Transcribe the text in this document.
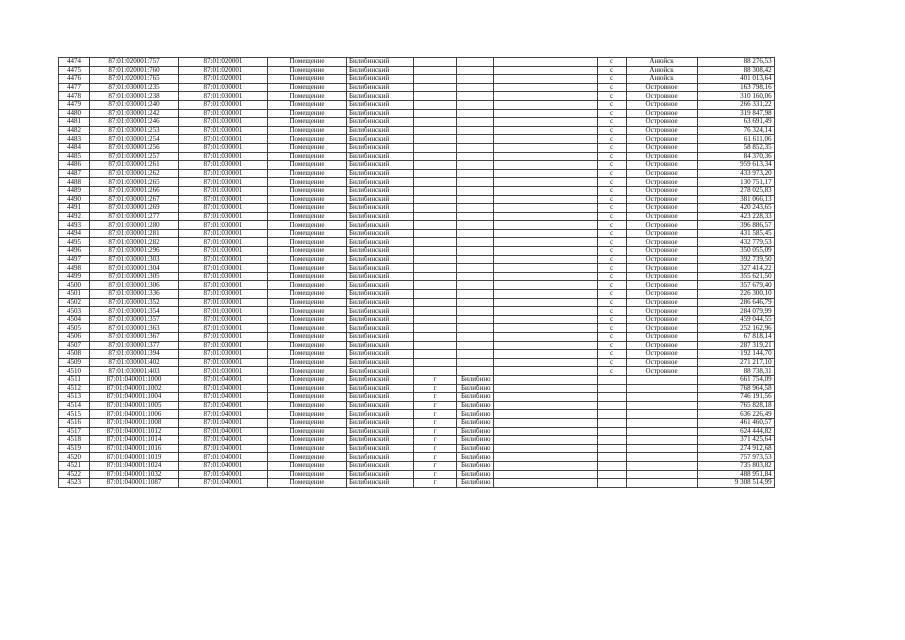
4474	87:01:020001:757	87:01:020001	Помещение	Билибинский				с	Анюйск	88 276,53
4475	87:01:020001:760	87:01:020001	Помещение	Билибинский				с	Анюйск	88 308,42
4476	87:01:020001:765	87:01:020001	Помещение	Билибинский				с	Анюйск	401 013,64
4477	87:01:030001:235	87:01:030001	Помещение	Билибинский				с	Островное	163 798,16
4478	87:01:030001:238	87:01:030001	Помещение	Билибинский				с	Островное	310 160,06
4479	87:01:030001:240	87:01:030001	Помещение	Билибинский				с	Островное	266 331,22
4480	87:01:030001:242	87:01:030001	Помещение	Билибинский				с	Островное	319 847,98
4481	87:01:030001:246	87:01:030001	Помещение	Билибинский				с	Островное	63 691,49
4482	87:01:030001:253	87:01:030001	Помещение	Билибинский				с	Островное	76 324,14
4483	87:01:030001:254	87:01:030001	Помещение	Билибинский				с	Островное	61 611,06
4484	87:01:030001:256	87:01:030001	Помещение	Билибинский				с	Островное	58 852,35
4485	87:01:030001:257	87:01:030001	Помещение	Билибинский				с	Островное	84 370,36
4486	87:01:030001:261	87:01:030001	Помещение	Билибинский				с	Островное	959 613,34
4487	87:01:030001:262	87:01:030001	Помещение	Билибинский				с	Островное	433 973,20
4488	87:01:030001:265	87:01:030001	Помещение	Билибинский				с	Островное	130 751,17
4489	87:01:030001:266	87:01:030001	Помещение	Билибинский				с	Островное	278 025,83
4490	87:01:030001:267	87:01:030001	Помещение	Билибинский				с	Островное	381 066,13
4491	87:01:030001:269	87:01:030001	Помещение	Билибинский				с	Островное	420 243,65
4492	87:01:030001:277	87:01:030001	Помещение	Билибинский				с	Островное	423 228,33
4493	87:01:030001:280	87:01:030001	Помещение	Билибинский				с	Островное	396 886,57
4494	87:01:030001:281	87:01:030001	Помещение	Билибинский				с	Островное	431 585,45
4495	87:01:030001:282	87:01:030001	Помещение	Билибинский				с	Островное	432 779,53
4496	87:01:030001:296	87:01:030001	Помещение	Билибинский				с	Островное	350 055,09
4497	87:01:030001:303	87:01:030001	Помещение	Билибинский				с	Островное	392 739,50
4498	87:01:030001:304	87:01:030001	Помещение	Билибинский				с	Островное	327 414,22
4499	87:01:030001:305	87:01:030001	Помещение	Билибинский				с	Островное	355 621,50
4500	87:01:030001:306	87:01:030001	Помещение	Билибинский				с	Островное	357 679,40
4501	87:01:030001:336	87:01:030001	Помещение	Билибинский				с	Островное	226 300,10
4502	87:01:030001:352	87:01:030001	Помещение	Билибинский				с	Островное	286 646,79
4503	87:01:030001:354	87:01:030001	Помещение	Билибинский				с	Островное	284 079,99
4504	87:01:030001:357	87:01:030001	Помещение	Билибинский				с	Островное	459 044,55
4505	87:01:030001:363	87:01:030001	Помещение	Билибинский				с	Островное	252 162,96
4506	87:01:030001:367	87:01:030001	Помещение	Билибинский				с	Островное	67 818,14
4507	87:01:030001:377	87:01:030001	Помещение	Билибинский				с	Островное	287 319,21
4508	87:01:030001:394	87:01:030001	Помещение	Билибинский				с	Островное	192 144,70
4509	87:01:030001:402	87:01:030001	Помещение	Билибинский				с	Островное	271 217,10
4510	87:01:030001:403	87:01:030001	Помещение	Билибинский				с	Островное	88 738,31
4511	87:01:040001:1000	87:01:040001	Помещение	Билибинский	г	Билибино				661 754,09
4512	87:01:040001:1002	87:01:040001	Помещение	Билибинский	г	Билибино				768 964,58
4513	87:01:040001:1004	87:01:040001	Помещение	Билибинский	г	Билибино				746 191,56
4514	87:01:040001:1005	87:01:040001	Помещение	Билибинский	г	Билибино				765 828,18
4515	87:01:040001:1006	87:01:040001	Помещение	Билибинский	г	Билибино				636 226,49
4516	87:01:040001:1008	87:01:040001	Помещение	Билибинский	г	Билибино				461 460,57
4517	87:01:040001:1012	87:01:040001	Помещение	Билибинский	г	Билибино				624 444,82
4518	87:01:040001:1014	87:01:040001	Помещение	Билибинский	г	Билибино				371 425,64
4519	87:01:040001:1016	87:01:040001	Помещение	Билибинский	г	Билибино				274 912,68
4520	87:01:040001:1019	87:01:040001	Помещение	Билибинский	г	Билибино				757 973,53
4521	87:01:040001:1024	87:01:040001	Помещение	Билибинский	г	Билибино				735 803,82
4522	87:01:040001:1032	87:01:040001	Помещение	Билибинский	г	Билибино				488 951,84
4523	87:01:040001:1087	87:01:040001	Помещение	Билибинский	г	Билибино				9 308 514,99
